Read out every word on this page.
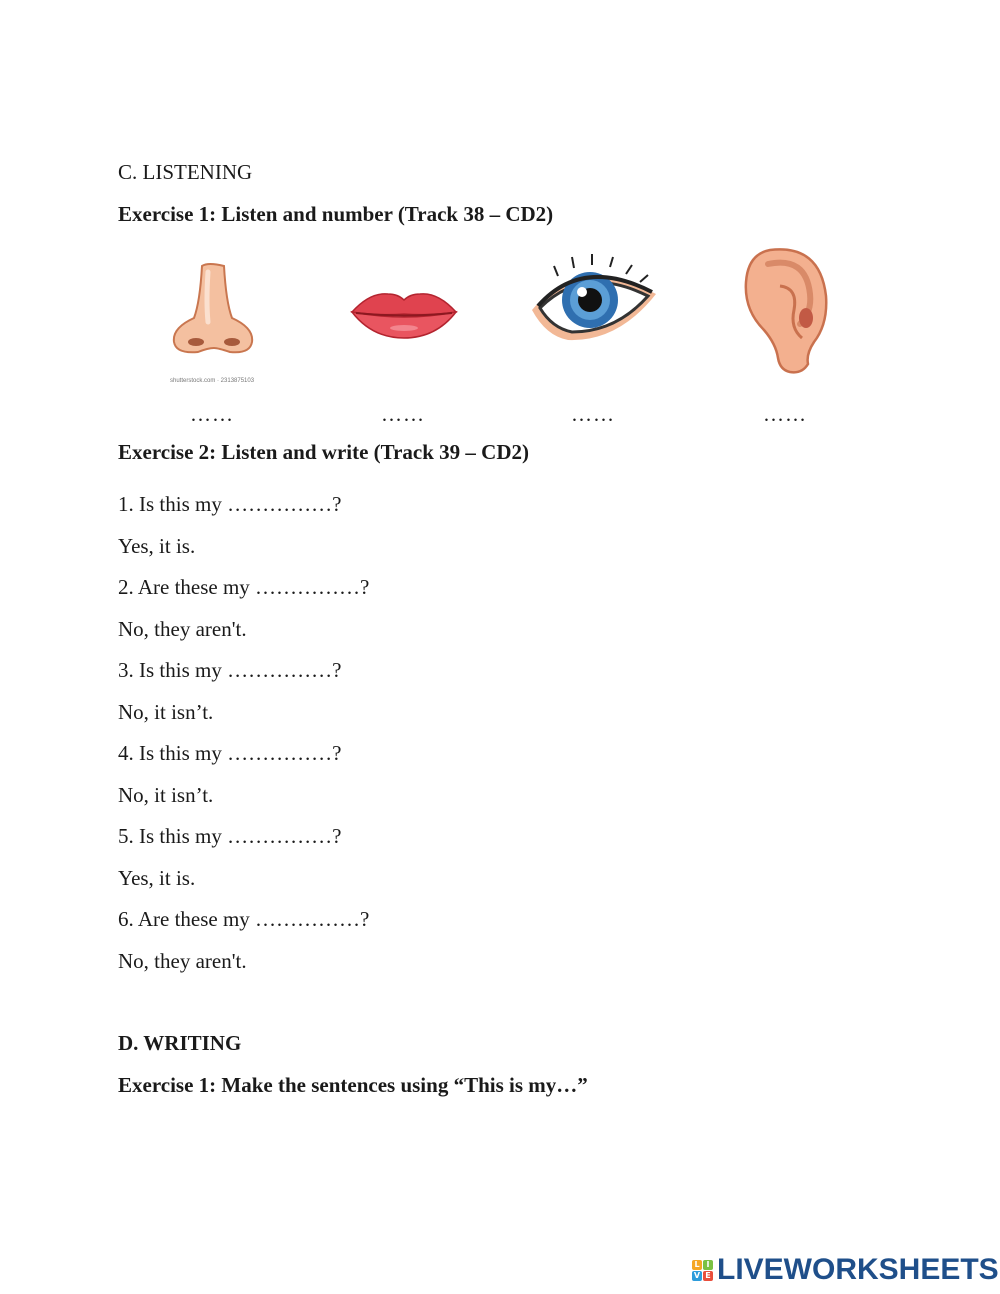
C. LISTENING
Exercise 1: Listen and number (Track 38 – CD2)
shutterstock.com · 2313875103
……	……	……	……
Exercise 2: Listen and write (Track 39 – CD2)
1. Is this my ……………?
Yes, it is.
2. Are these my ……………?
No, they aren't.
3. Is this my ……………?
No, it isn’t.
4. Is this my ……………?
No, it isn’t.
5. Is this my ……………?
Yes, it is.
6. Are these my ……………?
No, they aren't.
D. WRITING
Exercise 1: Make the sentences using “This is my…”
L I
V E LIVEWORKSHEETS
